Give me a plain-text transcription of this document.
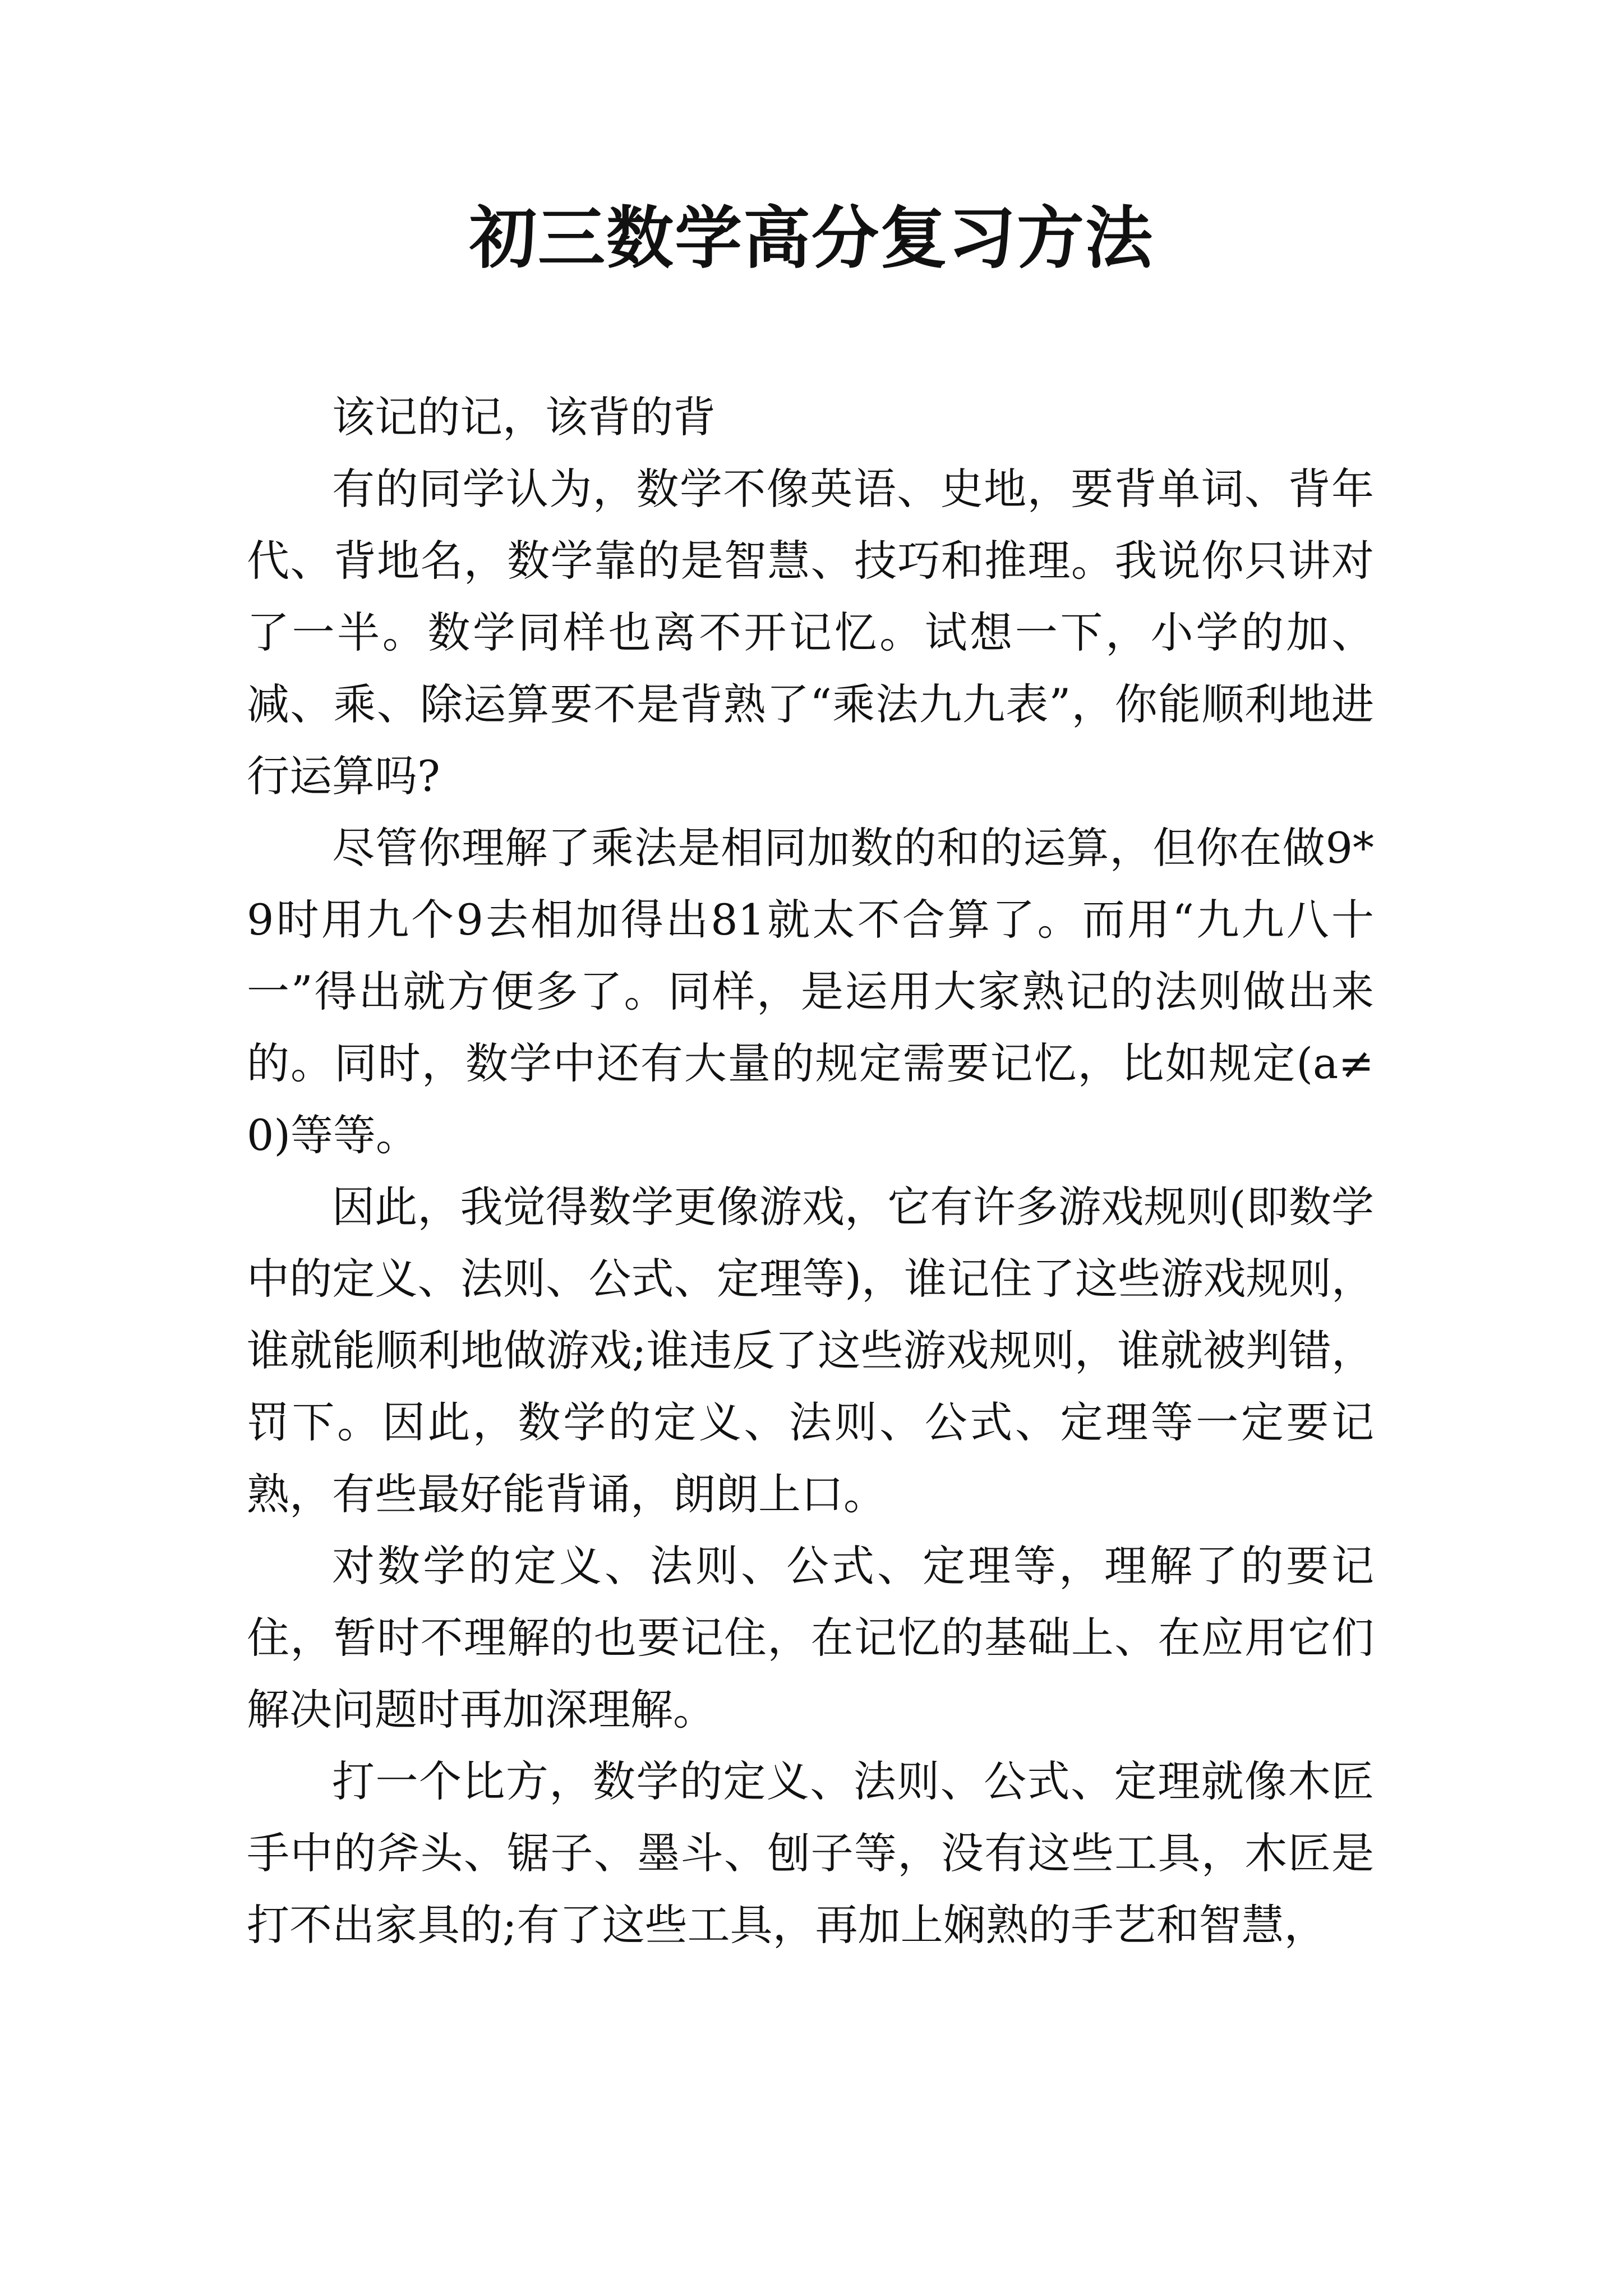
初三数学高分复习方法

该记的记，该背的背

有的同学认为，数学不像英语、史地，要背单词、背年代、背地名，数学靠的是智慧、技巧和推理。我说你只讲对了一半。数学同样也离不开记忆。试想一下，小学的加、减、乘、除运算要不是背熟了“乘法九九表”，你能顺利地进行运算吗?

尽管你理解了乘法是相同加数的和的运算，但你在做9*9时用九个9去相加得出81就太不合算了。而用“九九八十一”得出就方便多了。同样，是运用大家熟记的法则做出来的。同时，数学中还有大量的规定需要记忆，比如规定(a≠0)等等。

因此，我觉得数学更像游戏，它有许多游戏规则(即数学中的定义、法则、公式、定理等)，谁记住了这些游戏规则，谁就能顺利地做游戏;谁违反了这些游戏规则，谁就被判错，罚下。因此，数学的定义、法则、公式、定理等一定要记熟，有些最好能背诵，朗朗上口。

对数学的定义、法则、公式、定理等，理解了的要记住，暂时不理解的也要记住，在记忆的基础上、在应用它们解决问题时再加深理解。

打一个比方，数学的定义、法则、公式、定理就像木匠手中的斧头、锯子、墨斗、刨子等，没有这些工具，木匠是打不出家具的;有了这些工具，再加上娴熟的手艺和智慧，
